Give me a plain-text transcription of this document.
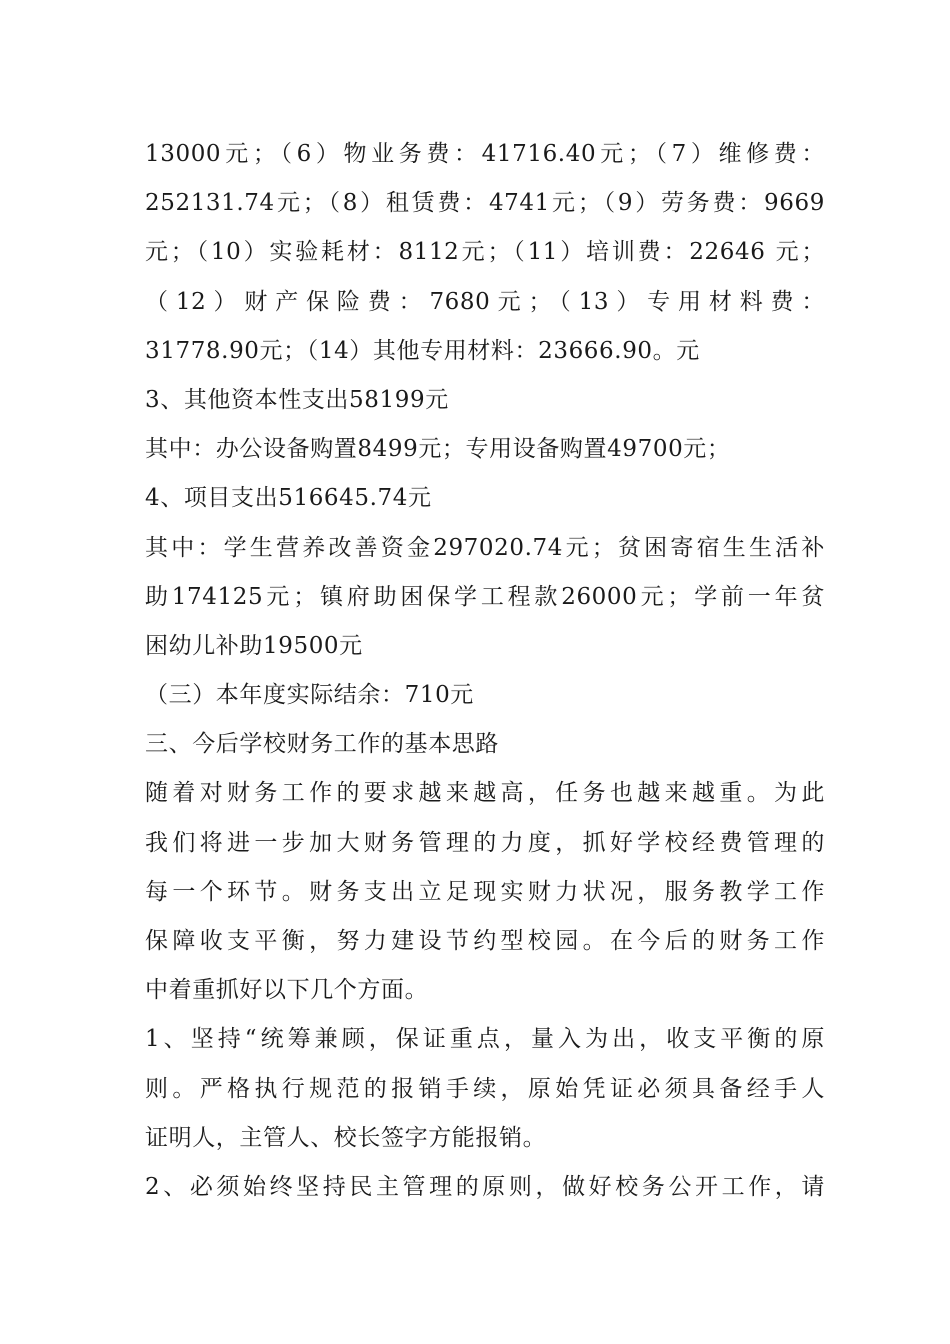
13000元；（6）物业务费：41716.40元；（7）维修费：
252131.74元；（8）租赁费：4741元；（9）劳务费：9669
元；（10）实验耗材：8112元；（11）培训费：22646 元；
（12）财产保险费：7680元；（13）专用材料费：
31778.90元；（14）其他专用材料：23666.90。元
3、其他资本性支出58199元
其中：办公设备购置8499元；专用设备购置49700元；
4、项目支出516645.74元
其中：学生营养改善资金297020.74元；贫困寄宿生生活补
助174125元；镇府助困保学工程款26000元；学前一年贫
困幼儿补助19500元
（三）本年度实际结余：710元
三、今后学校财务工作的基本思路
随着对财务工作的要求越来越高，任务也越来越重。为此
我们将进一步加大财务管理的力度，抓好学校经费管理的
每一个环节。财务支出立足现实财力状况，服务教学工作
保障收支平衡，努力建设节约型校园。在今后的财务工作
中着重抓好以下几个方面。
1、坚持“统筹兼顾，保证重点，量入为出，收支平衡的原
则。严格执行规范的报销手续，原始凭证必须具备经手人
证明人，主管人、校长签字方能报销。
2、必须始终坚持民主管理的原则，做好校务公开工作，请
